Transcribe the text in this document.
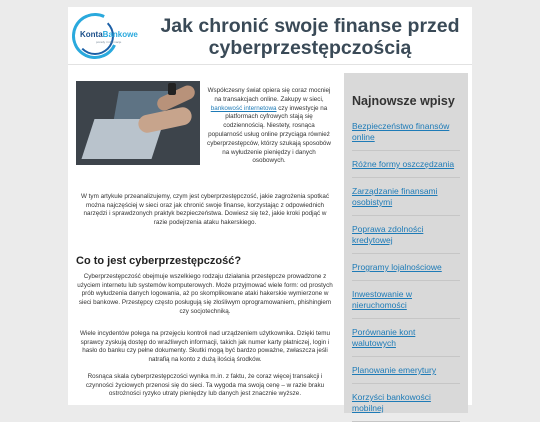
KontaBankowe
porady i informacje
Jak chronić swoje finanse przed cyberprzestępczością

Współczesny świat opiera się coraz mocniej na transakcjach online. Zakupy w sieci, bankowość internetowa czy inwestycje na platformach cyfrowych stają się codziennością. Niestety, rosnąca popularność usług online przyciąga również cyberprzestępców, którzy szukają sposobów na wyłudzenie pieniędzy i danych osobowych.

W tym artykule przeanalizujemy, czym jest cyberprzestępczość, jakie zagrożenia spotkać można najczęściej w sieci oraz jak chronić swoje finanse, korzystając z odpowiednich narzędzi i sprawdzonych praktyk bezpieczeństwa. Dowiesz się też, jakie kroki podjąć w razie podejrzenia ataku hakerskiego.

Co to jest cyberprzestępczość?

Cyberprzestępczość obejmuje wszelkiego rodzaju działania przestępcze prowadzone z użyciem internetu lub systemów komputerowych. Może przyjmować wiele form: od prostych prób wyłudzenia danych logowania, aż po skomplikowane ataki hakerskie wymierzone w sieci bankowe. Przestępcy często posługują się złośliwym oprogramowaniem, phishingiem czy socjotechniką.

Wiele incydentów polega na przejęciu kontroli nad urządzeniem użytkownika. Dzięki temu sprawcy zyskują dostęp do wrażliwych informacji, takich jak numer karty płatniczej, login i hasło do banku czy pełne dokumenty. Skutki mogą być bardzo poważne, zwłaszcza jeśli natrafią na konto z dużą ilością środków.

Rosnąca skala cyberprzestępczości wynika m.in. z faktu, że coraz więcej transakcji i czynności życiowych przenosi się do sieci. Ta wygoda ma swoją cenę – w razie braku ostrożności ryzyko utraty pieniędzy lub danych jest znacznie wyższe.

Najnowsze wpisy
Bezpieczeństwo finansów online
Różne formy oszczędzania
Zarządzanie finansami osobistymi
Poprawa zdolności kredytowej
Programy lojalnościowe
Inwestowanie w nieruchomości
Porównanie kont walutowych
Planowanie emerytury
Korzyści bankowości mobilnej
